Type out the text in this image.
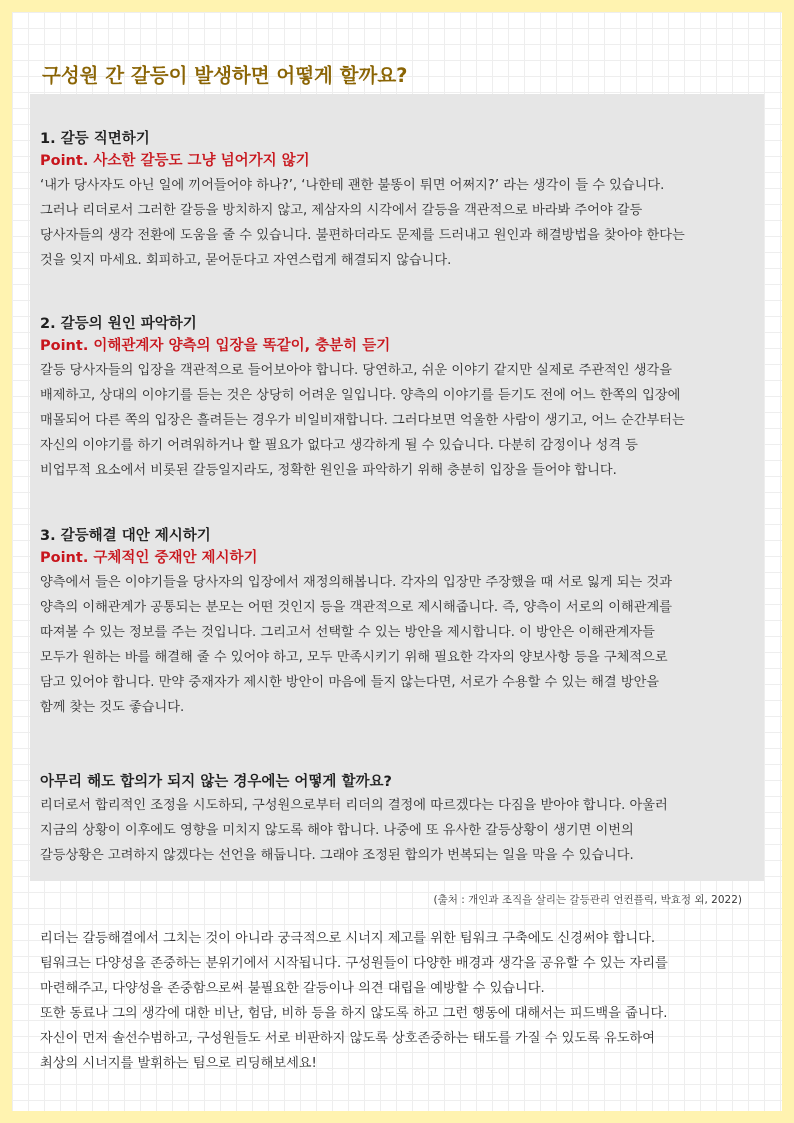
구성원 간 갈등이 발생하면 어떻게 할까요?
1. 갈등 직면하기
Point. 사소한 갈등도 그냥 넘어가지 않기

‘내가 당사자도 아닌 일에 끼어들어야 하나?’, ‘나한테 괜한 불똥이 튀면 어쩌지?’ 라는 생각이 들 수 있습니다.
그러나 리더로서 그러한 갈등을 방치하지 않고, 제삼자의 시각에서 갈등을 객관적으로 바라봐 주어야 갈등
당사자들의 생각 전환에 도움을 줄 수 있습니다. 불편하더라도 문제를 드러내고 원인과 해결방법을 찾아야 한다는
것을 잊지 마세요. 회피하고, 묻어둔다고 자연스럽게 해결되지 않습니다.

2. 갈등의 원인 파악하기
Point. 이해관계자 양측의 입장을 똑같이, 충분히 듣기

갈등 당사자들의 입장을 객관적으로 들어보아야 합니다. 당연하고, 쉬운 이야기 같지만 실제로 주관적인 생각을
배제하고, 상대의 이야기를 듣는 것은 상당히 어려운 일입니다. 양측의 이야기를 듣기도 전에 어느 한쪽의 입장에
매몰되어 다른 쪽의 입장은 흘려듣는 경우가 비일비재합니다. 그러다보면 억울한 사람이 생기고, 어느 순간부터는
자신의 이야기를 하기 어려워하거나 할 필요가 없다고 생각하게 될 수 있습니다. 다분히 감정이나 성격 등
비업무적 요소에서 비롯된 갈등일지라도, 정확한 원인을 파악하기 위해 충분히 입장을 들어야 합니다.

3. 갈등해결 대안 제시하기
Point. 구체적인 중재안 제시하기

양측에서 들은 이야기들을 당사자의 입장에서 재정의해봅니다. 각자의 입장만 주장했을 때 서로 잃게 되는 것과
양측의 이해관계가 공통되는 분모는 어떤 것인지 등을 객관적으로 제시해줍니다. 즉, 양측이 서로의 이해관계를
따져볼 수 있는 정보를 주는 것입니다. 그리고서 선택할 수 있는 방안을 제시합니다. 이 방안은 이해관계자들
모두가 원하는 바를 해결해 줄 수 있어야 하고, 모두 만족시키기 위해 필요한 각자의 양보사항 등을 구체적으로
담고 있어야 합니다. 만약 중재자가 제시한 방안이 마음에 들지 않는다면, 서로가 수용할 수 있는 해결 방안을
함께 찾는 것도 좋습니다.

아무리 해도 합의가 되지 않는 경우에는 어떻게 할까요?

리더로서 합리적인 조정을 시도하되, 구성원으로부터 리더의 결정에 따르겠다는 다짐을 받아야 합니다. 아울러
지금의 상황이 이후에도 영향을 미치지 않도록 해야 합니다. 나중에 또 유사한 갈등상황이 생기면 이번의
갈등상황은 고려하지 않겠다는 선언을 해둡니다. 그래야 조정된 합의가 번복되는 일을 막을 수 있습니다.

(출처 : 개인과 조직을 살리는 갈등관리 언컨플릭, 박효정 외, 2022)

리더는 갈등해결에서 그치는 것이 아니라 궁극적으로 시너지 제고를 위한 팀워크 구축에도 신경써야 합니다.
팀워크는 다양성을 존중하는 분위기에서 시작됩니다. 구성원들이 다양한 배경과 생각을 공유할 수 있는 자리를
마련해주고, 다양성을 존중함으로써 불필요한 갈등이나 의견 대립을 예방할 수 있습니다.
또한 동료나 그의 생각에 대한 비난, 험담, 비하 등을 하지 않도록 하고 그런 행동에 대해서는 피드백을 줍니다.
자신이 먼저 솔선수범하고, 구성원들도 서로 비판하지 않도록 상호존중하는 태도를 가질 수 있도록 유도하여
최상의 시너지를 발휘하는 팀으로 리딩해보세요!
